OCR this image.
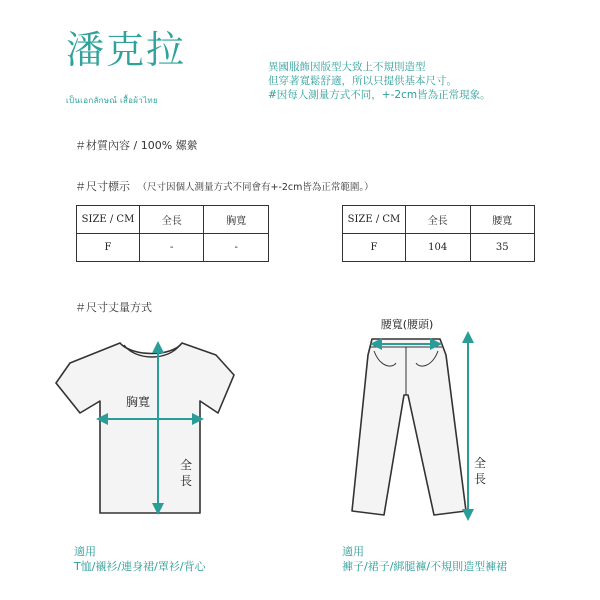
潘克拉
เป็นเอกลักษณ์ เสื้อผ้าไทย
異國服飾因版型大致上不規則造型
但穿著寬鬆舒適，所以只提供基本尺寸。
#因每人測量方式不同，+-2cm皆為正常現象。
＃材質內容 / 100% 嫘縈
＃尺寸標示 （尺寸因個人測量方式不同會有+-2cm皆為正常範圍。）
SIZE / CM	全長	胸寬
F	-	-
SIZE / CM	全長	腰寬
F	104	35
＃尺寸丈量方式
胸寬
全
長
腰寬(腰頭)
全
長
適用
T恤/襯衫/連身裙/罩衫/背心
適用
褲子/裙子/綁腿褲/不規則造型褲裙
